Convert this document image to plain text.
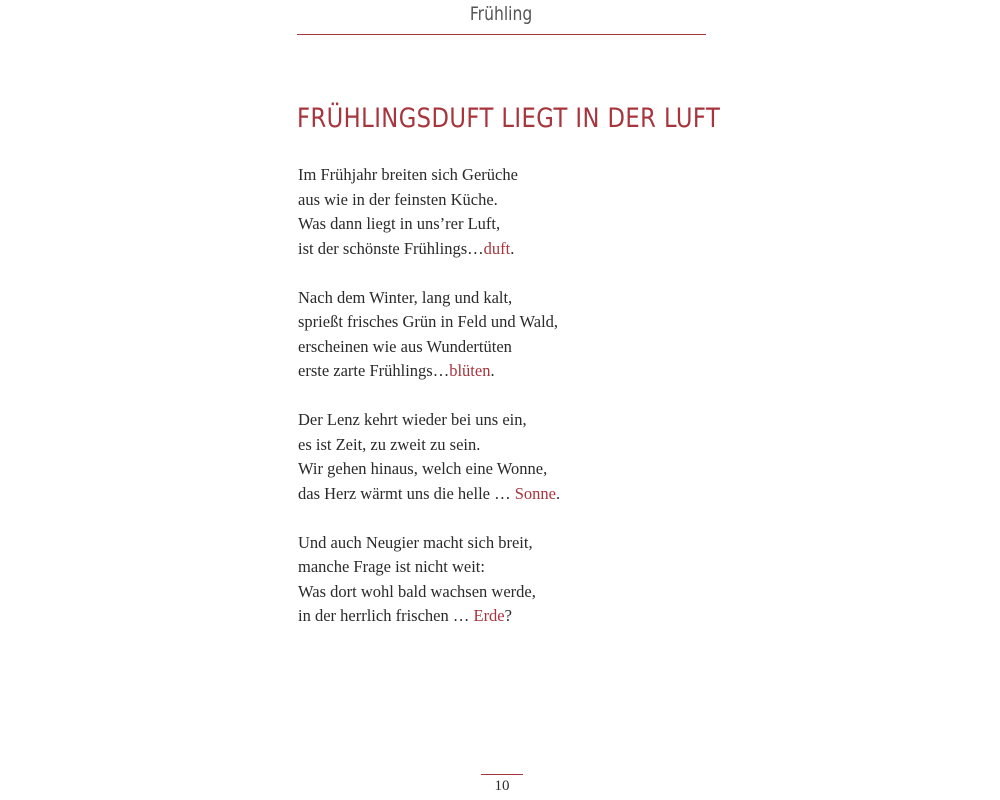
Frühling
FRÜHLINGSDUFT LIEGT IN DER LUFT
Im Frühjahr breiten sich Gerüche
aus wie in der feinsten Küche.
Was dann liegt in uns’rer Luft,
ist der schönste Frühlings…duft.
Nach dem Winter, lang und kalt,
sprießt frisches Grün in Feld und Wald,
erscheinen wie aus Wundertüten
erste zarte Frühlings…blüten.
Der Lenz kehrt wieder bei uns ein,
es ist Zeit, zu zweit zu sein.
Wir gehen hinaus, welch eine Wonne,
das Herz wärmt uns die helle … Sonne.
Und auch Neugier macht sich breit,
manche Frage ist nicht weit:
Was dort wohl bald wachsen werde,
in der herrlich frischen … Erde?
10
